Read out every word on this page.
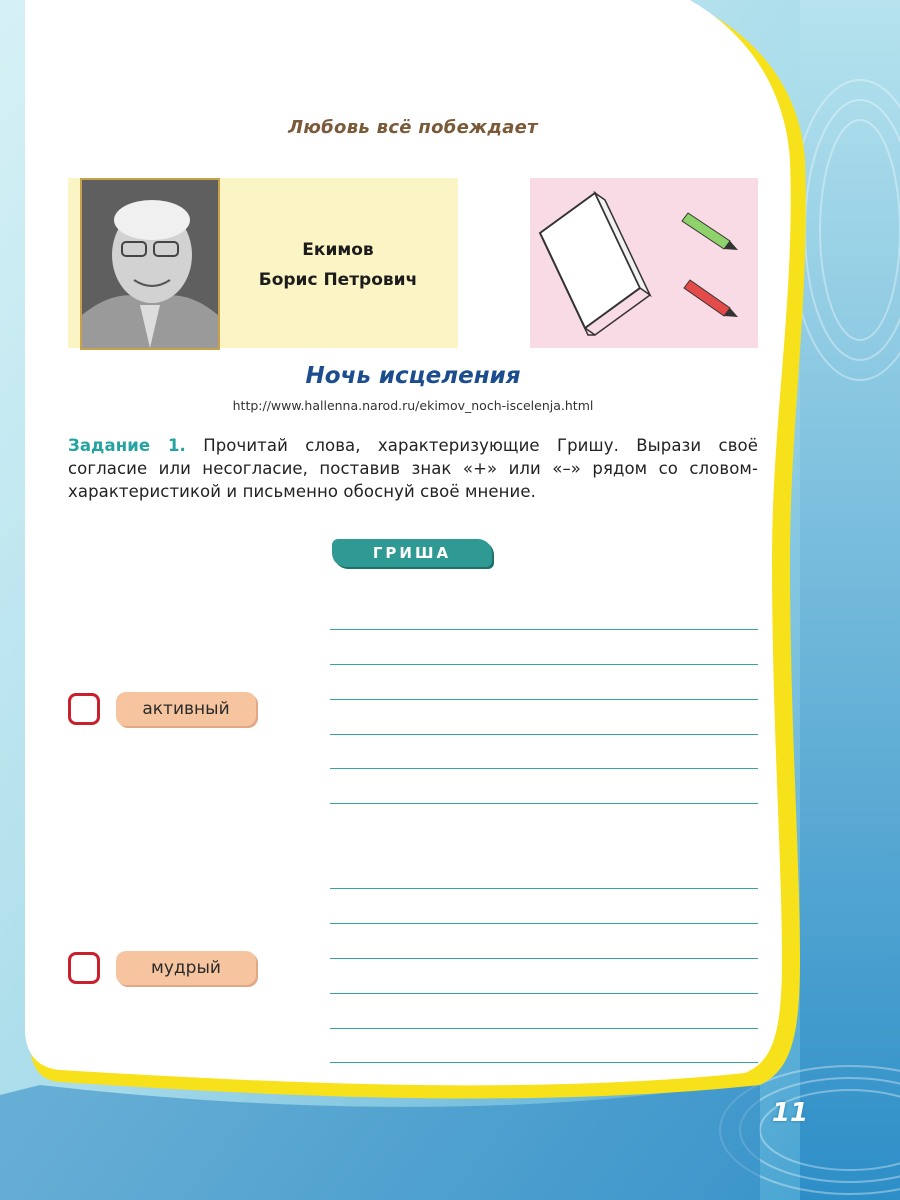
Любовь всё побеждает
Екимов
Борис Петрович
Ночь исцеления
http://www.hallenna.narod.ru/ekimov_noch-iscelenja.html
Задание 1. Прочитай слова, характеризующие Гришу. Вырази своё согласие или несогласие, поставив знак «+» или «–» рядом со словом-характеристикой и письменно обоснуй своё мнение.
ГРИША
активный
мудрый
11
